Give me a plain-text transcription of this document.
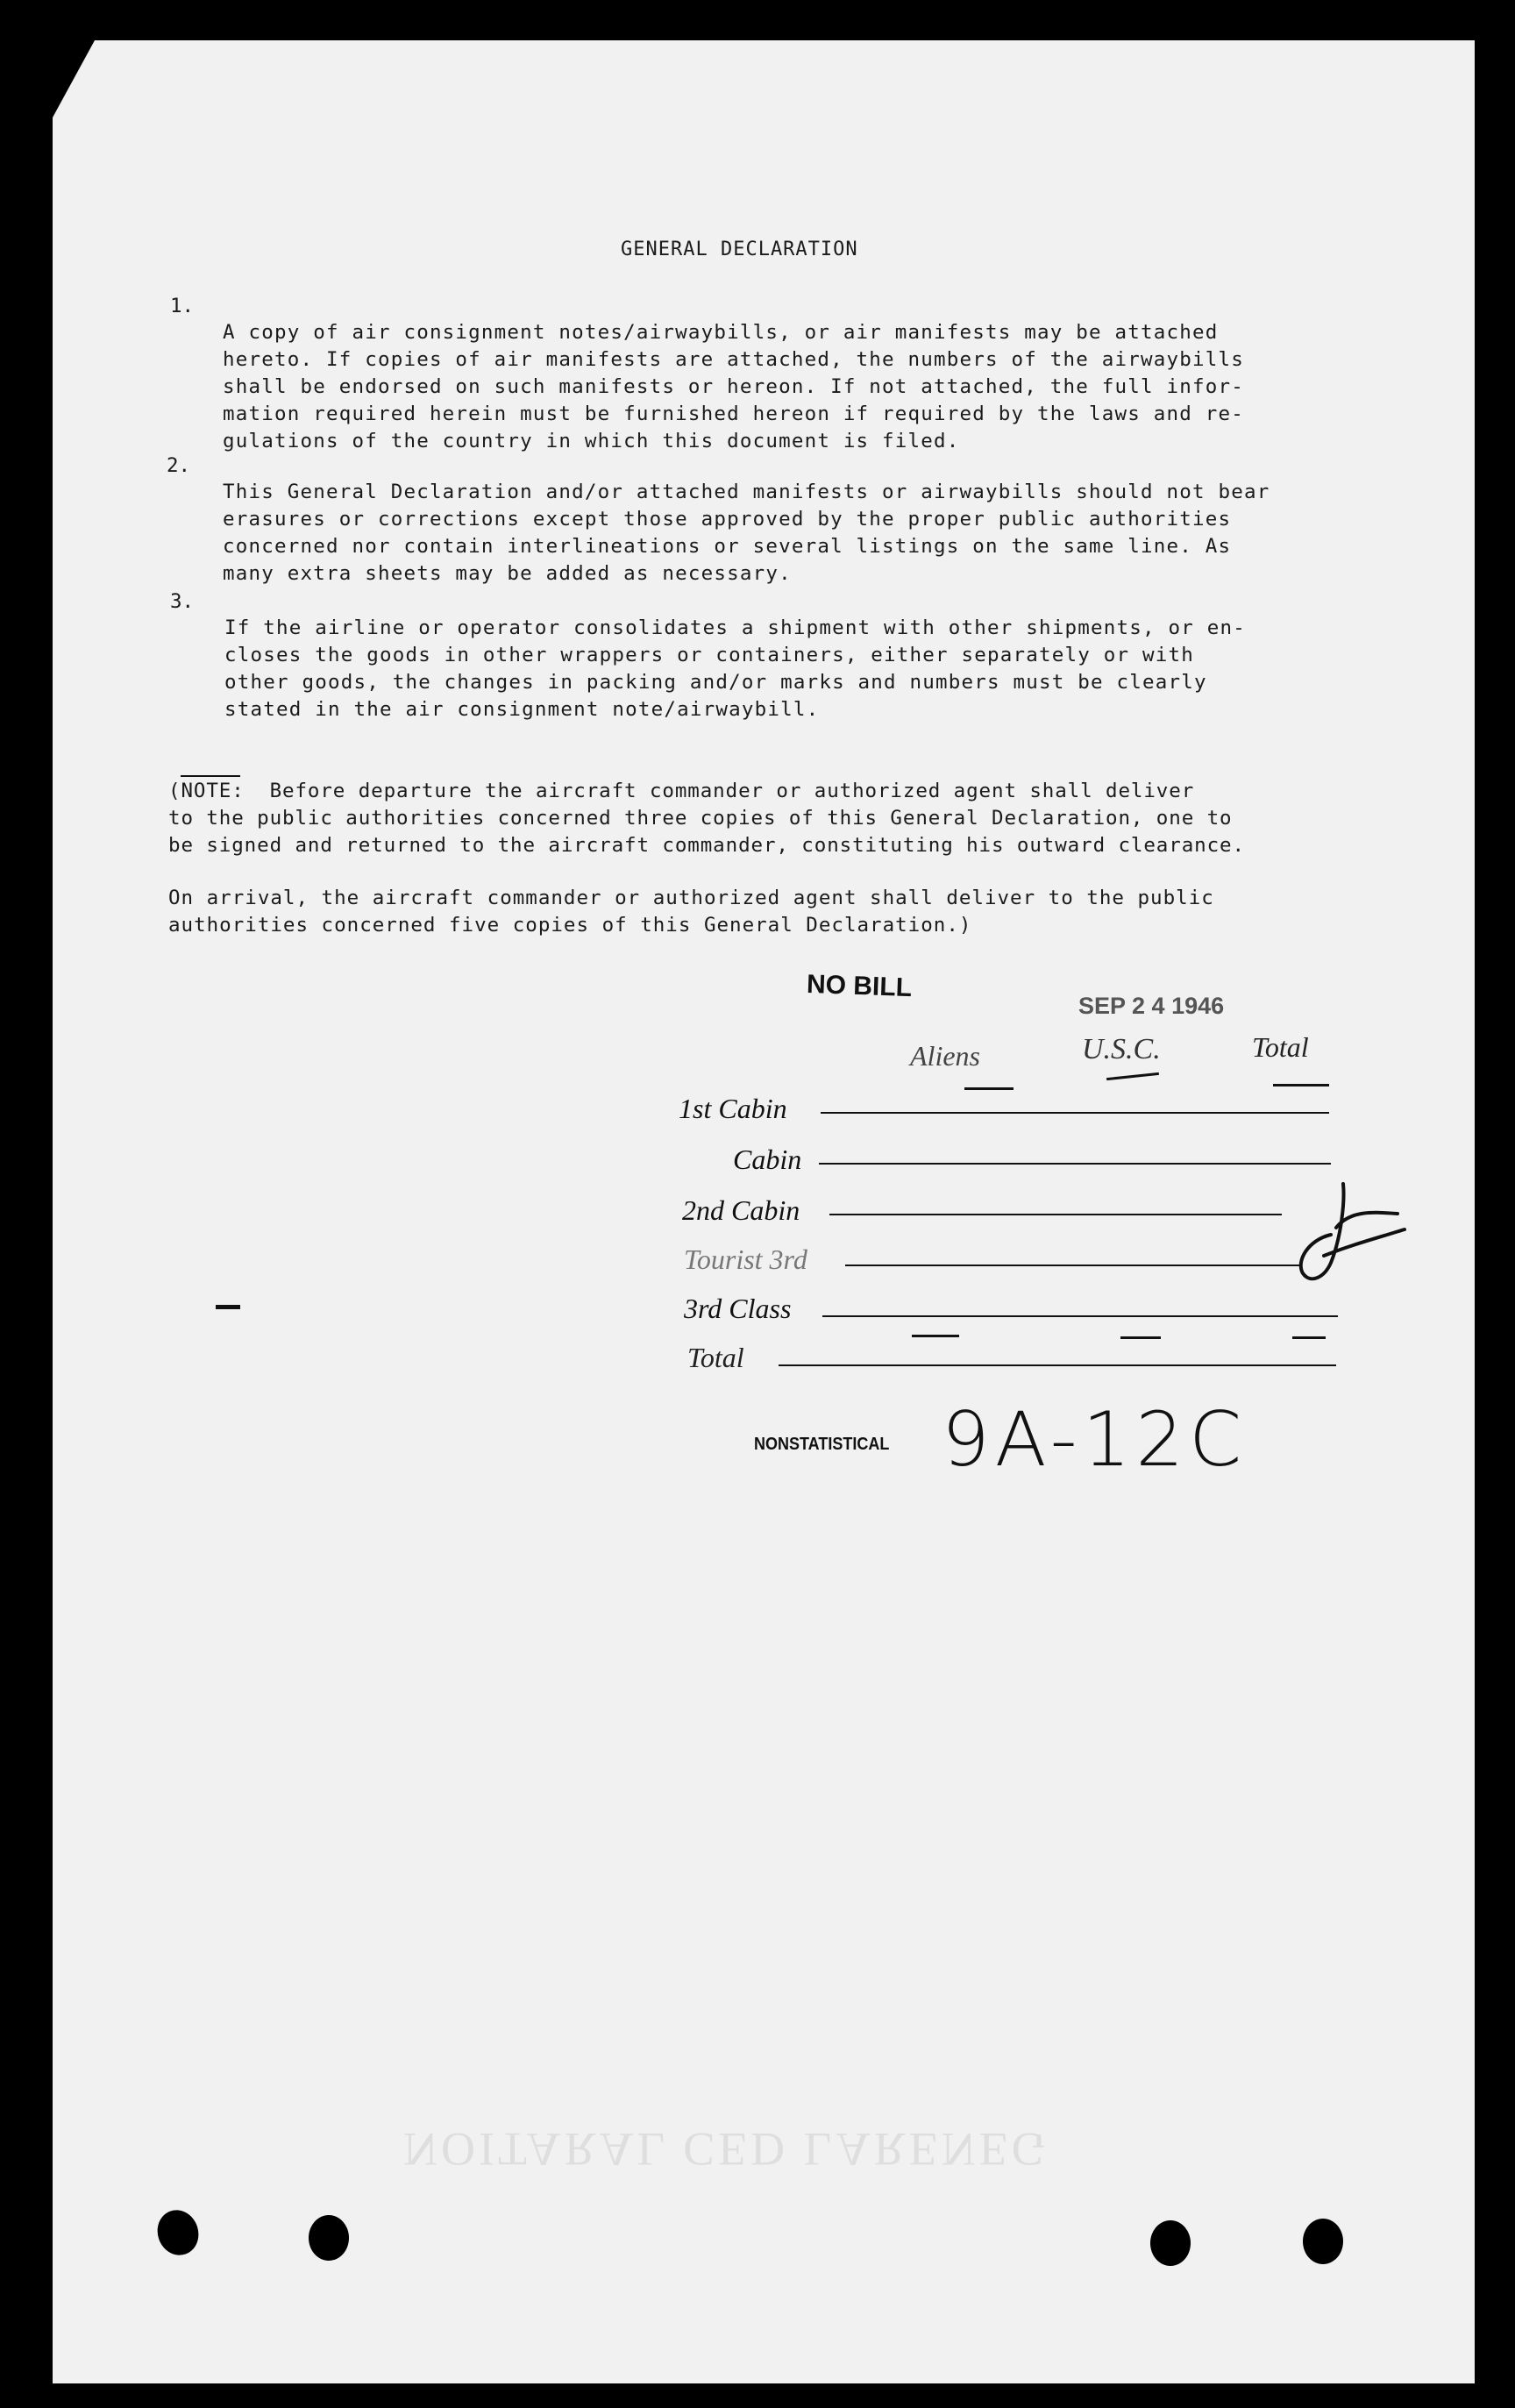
NOITARAL CED LARENEG
GENERAL DECLARATION
1.

A copy of air consignment notes/airwaybills, or air manifests may be attached
hereto. If copies of air manifests are attached, the numbers of the airwaybills
shall be endorsed on such manifests or hereon. If not attached, the full infor-
mation required herein must be furnished hereon if required by the laws and re-
gulations of the country in which this document is filed.

2.

This General Declaration and/or attached manifests or airwaybills should not bear
erasures or corrections except those approved by the proper public authorities
concerned nor contain interlineations or several listings on the same line. As
many extra sheets may be added as necessary.

3.

If the airline or operator consolidates a shipment with other shipments, or en-
closes the goods in other wrappers or containers, either separately or with
other goods, the changes in packing and/or marks and numbers must be clearly
stated in the air consignment note/airwaybill.

(NOTE:  Before departure the aircraft commander or authorized agent shall deliver
to the public authorities concerned three copies of this General Declaration, one to
be signed and returned to the aircraft commander, constituting his outward clearance.

On arrival, the aircraft commander or authorized agent shall deliver to the public
authorities concerned five copies of this General Declaration.)

NO BILL
SEP 2 4 1946
Aliens	U.S.C.	Total
1st Cabin
Cabin
2nd Cabin
Tourist 3rd
3rd Class
Total
NONSTATISTICAL 9A-12C
